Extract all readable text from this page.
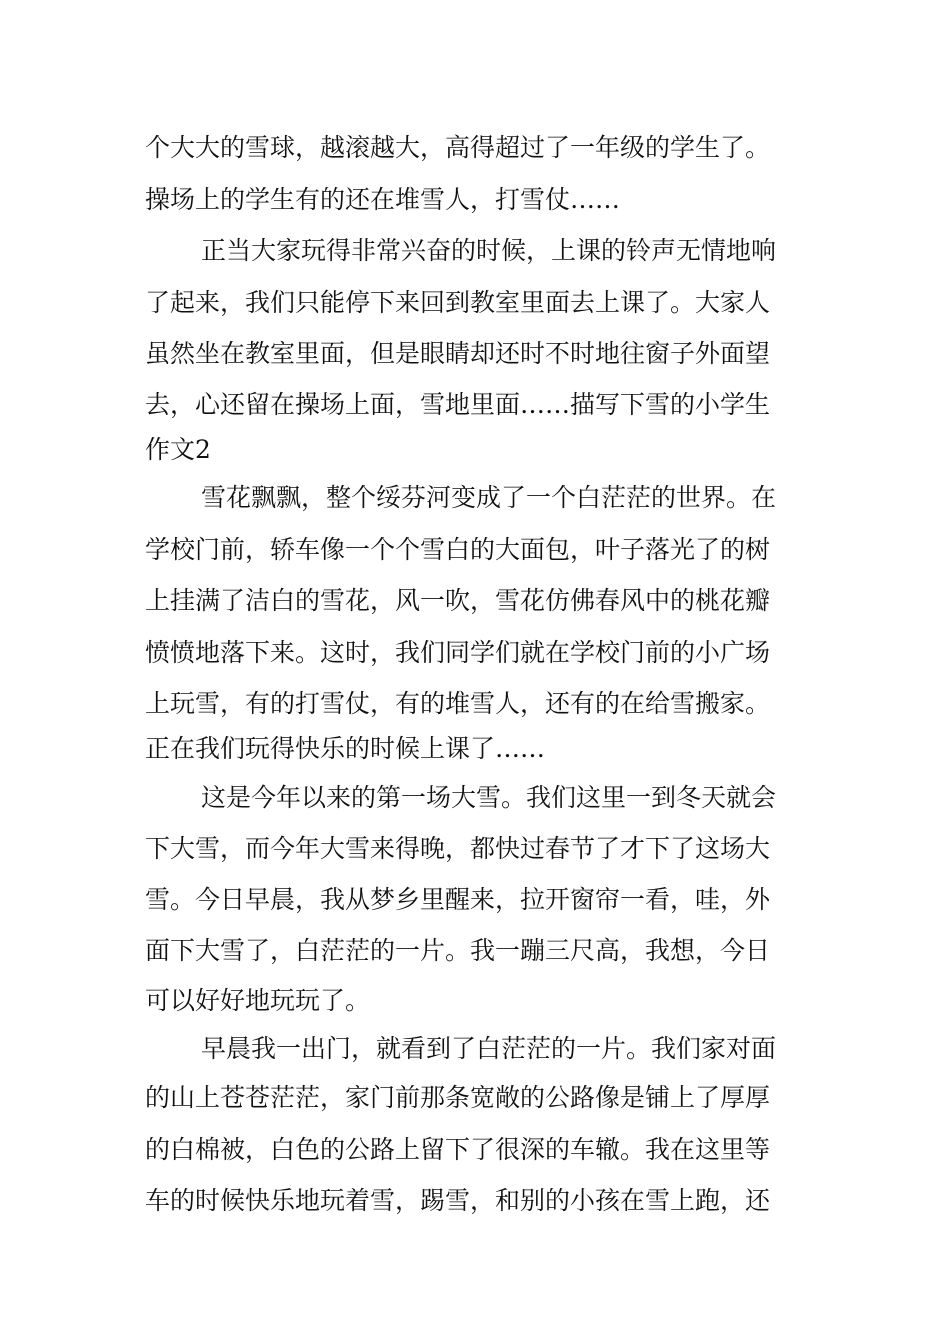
个大大的雪球，越滚越大，高得超过了一年级的学生了。

操场上的学生有的还在堆雪人，打雪仗……

正当大家玩得非常兴奋的时候，上课的铃声无情地响

了起来，我们只能停下来回到教室里面去上课了。大家人

虽然坐在教室里面，但是眼睛却还时不时地往窗子外面望

去，心还留在操场上面，雪地里面……描写下雪的小学生

作文2

雪花飘飘，整个绥芬河变成了一个白茫茫的世界。在

学校门前，轿车像一个个雪白的大面包，叶子落光了的树

上挂满了洁白的雪花，风一吹，雪花仿佛春风中的桃花瓣

愤愤地落下来。这时，我们同学们就在学校门前的小广场

上玩雪，有的打雪仗，有的堆雪人，还有的在给雪搬家。

正在我们玩得快乐的时候上课了……

这是今年以来的第一场大雪。我们这里一到冬天就会

下大雪，而今年大雪来得晚，都快过春节了才下了这场大

雪。今日早晨，我从梦乡里醒来，拉开窗帘一看，哇，外

面下大雪了，白茫茫的一片。我一蹦三尺高，我想，今日

可以好好地玩玩了。

早晨我一出门，就看到了白茫茫的一片。我们家对面

的山上苍苍茫茫，家门前那条宽敞的公路像是铺上了厚厚

的白棉被，白色的公路上留下了很深的车辙。我在这里等

车的时候快乐地玩着雪，踢雪，和别的小孩在雪上跑，还
